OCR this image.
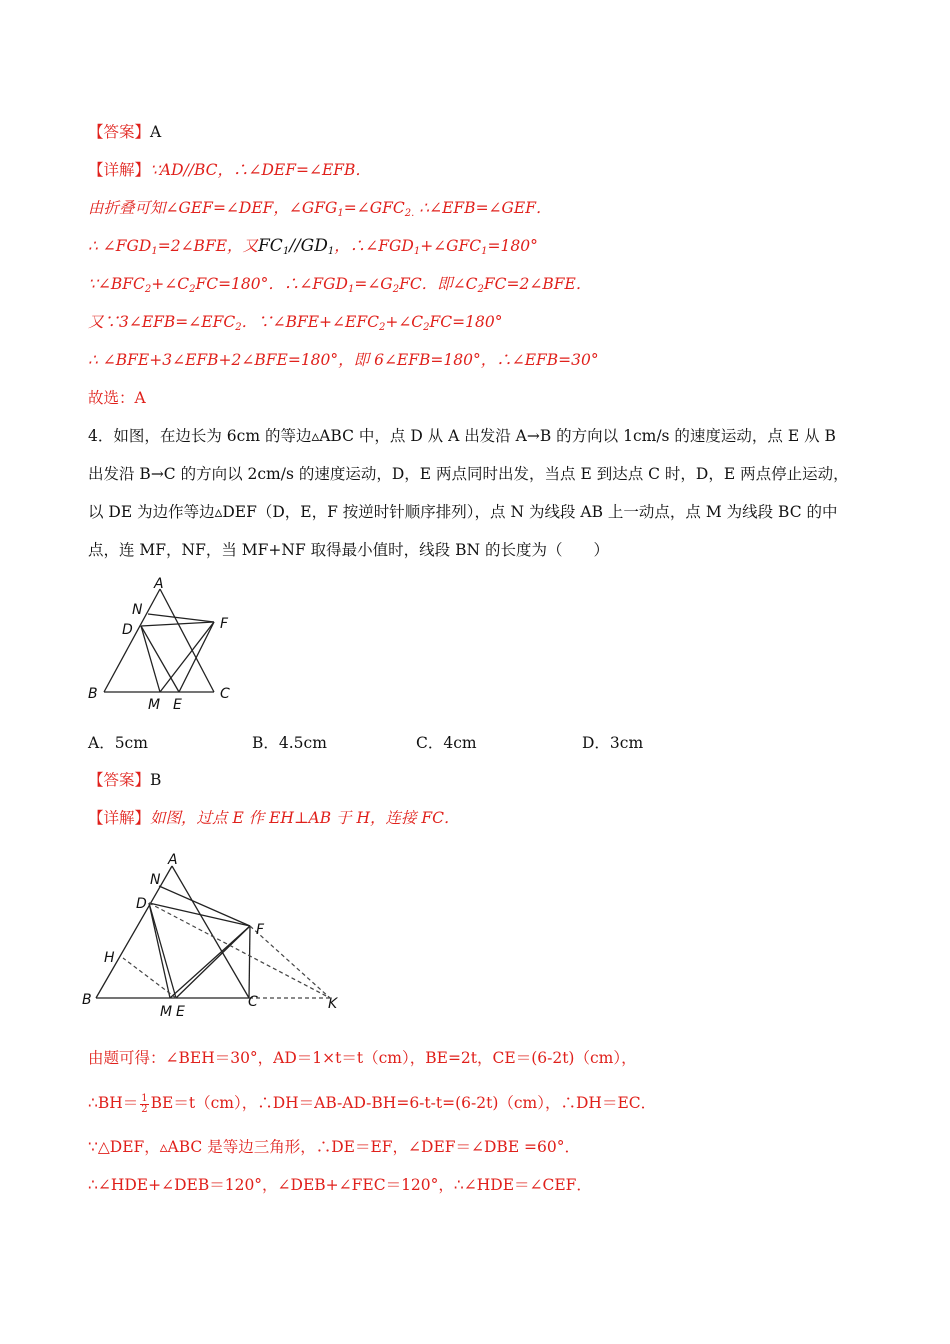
【答案】A
【详解】∵AD//BC，∴∠DEF=∠EFB．
由折叠可知∠GEF=∠DEF，$\angle GFG_1=\angle GFC_{2.}$ ∴∠EFB=∠GEF．
∴ $\angle FGD_1=2\angle BFE$，又$FC_1//GD_1$，$\therefore\angle FGD_1+\angle GFC_1=180^\circ$
$\because\angle BFC_2+\angle C_2FC=180^\circ$．$\therefore\angle FGD_1=\angle G_2FC$．即$\angle C_2FC=2\angle BFE$．
又$\because 3\angle EFB=\angle EFC_2$．$\because\angle BFE+\angle EFC_2+\angle C_2FC=180^\circ$
∴ ∠BFE+3∠EFB+2∠BFE=180°，即 6∠EFB=180°，∴∠EFB=30°
故选：A
4．如图，在边长为 6cm 的等边▵ABC 中，点 D 从 A 出发沿 A→B 的方向以 1cm/s 的速度运动，点 E 从 B
出发沿 B→C 的方向以 2cm/s 的速度运动，D，E 两点同时出发，当点 E 到达点 C 时，D，E 两点停止运动，
以 DE 为边作等边▵DEF（D，E，F 按逆时针顺序排列），点 N 为线段 AB 上一动点，点 M 为线段 BC 的中
点，连 MF，NF，当 MF+NF 取得最小值时，线段 BN 的长度为（　　）
A
N
D	F
B
M E
C
A．5cm	B．4.5cm	C．4cm	D．3cm
【答案】B
【详解】如图，过点 E 作 EH⊥AB 于 H，连接 FC．
A
N
D
F
H
B
M E
C	K
由题可得：∠BEH＝30°，AD＝1×t＝t（cm），BE=2t，CE＝(6-2t)（cm），
∴BH＝ $\frac{1}{2} BE=t(cm)$，∴DH＝AB-AD-BH=6-t-t=(6-2t)（cm），∴DH＝EC．
∵△DEF，▵ABC 是等边三角形，∴DE＝EF，∠DEF＝∠DBE =60°．
∴∠HDE+∠DEB＝120°，∠DEB+∠FEC＝120°，∴∠HDE＝∠CEF．
